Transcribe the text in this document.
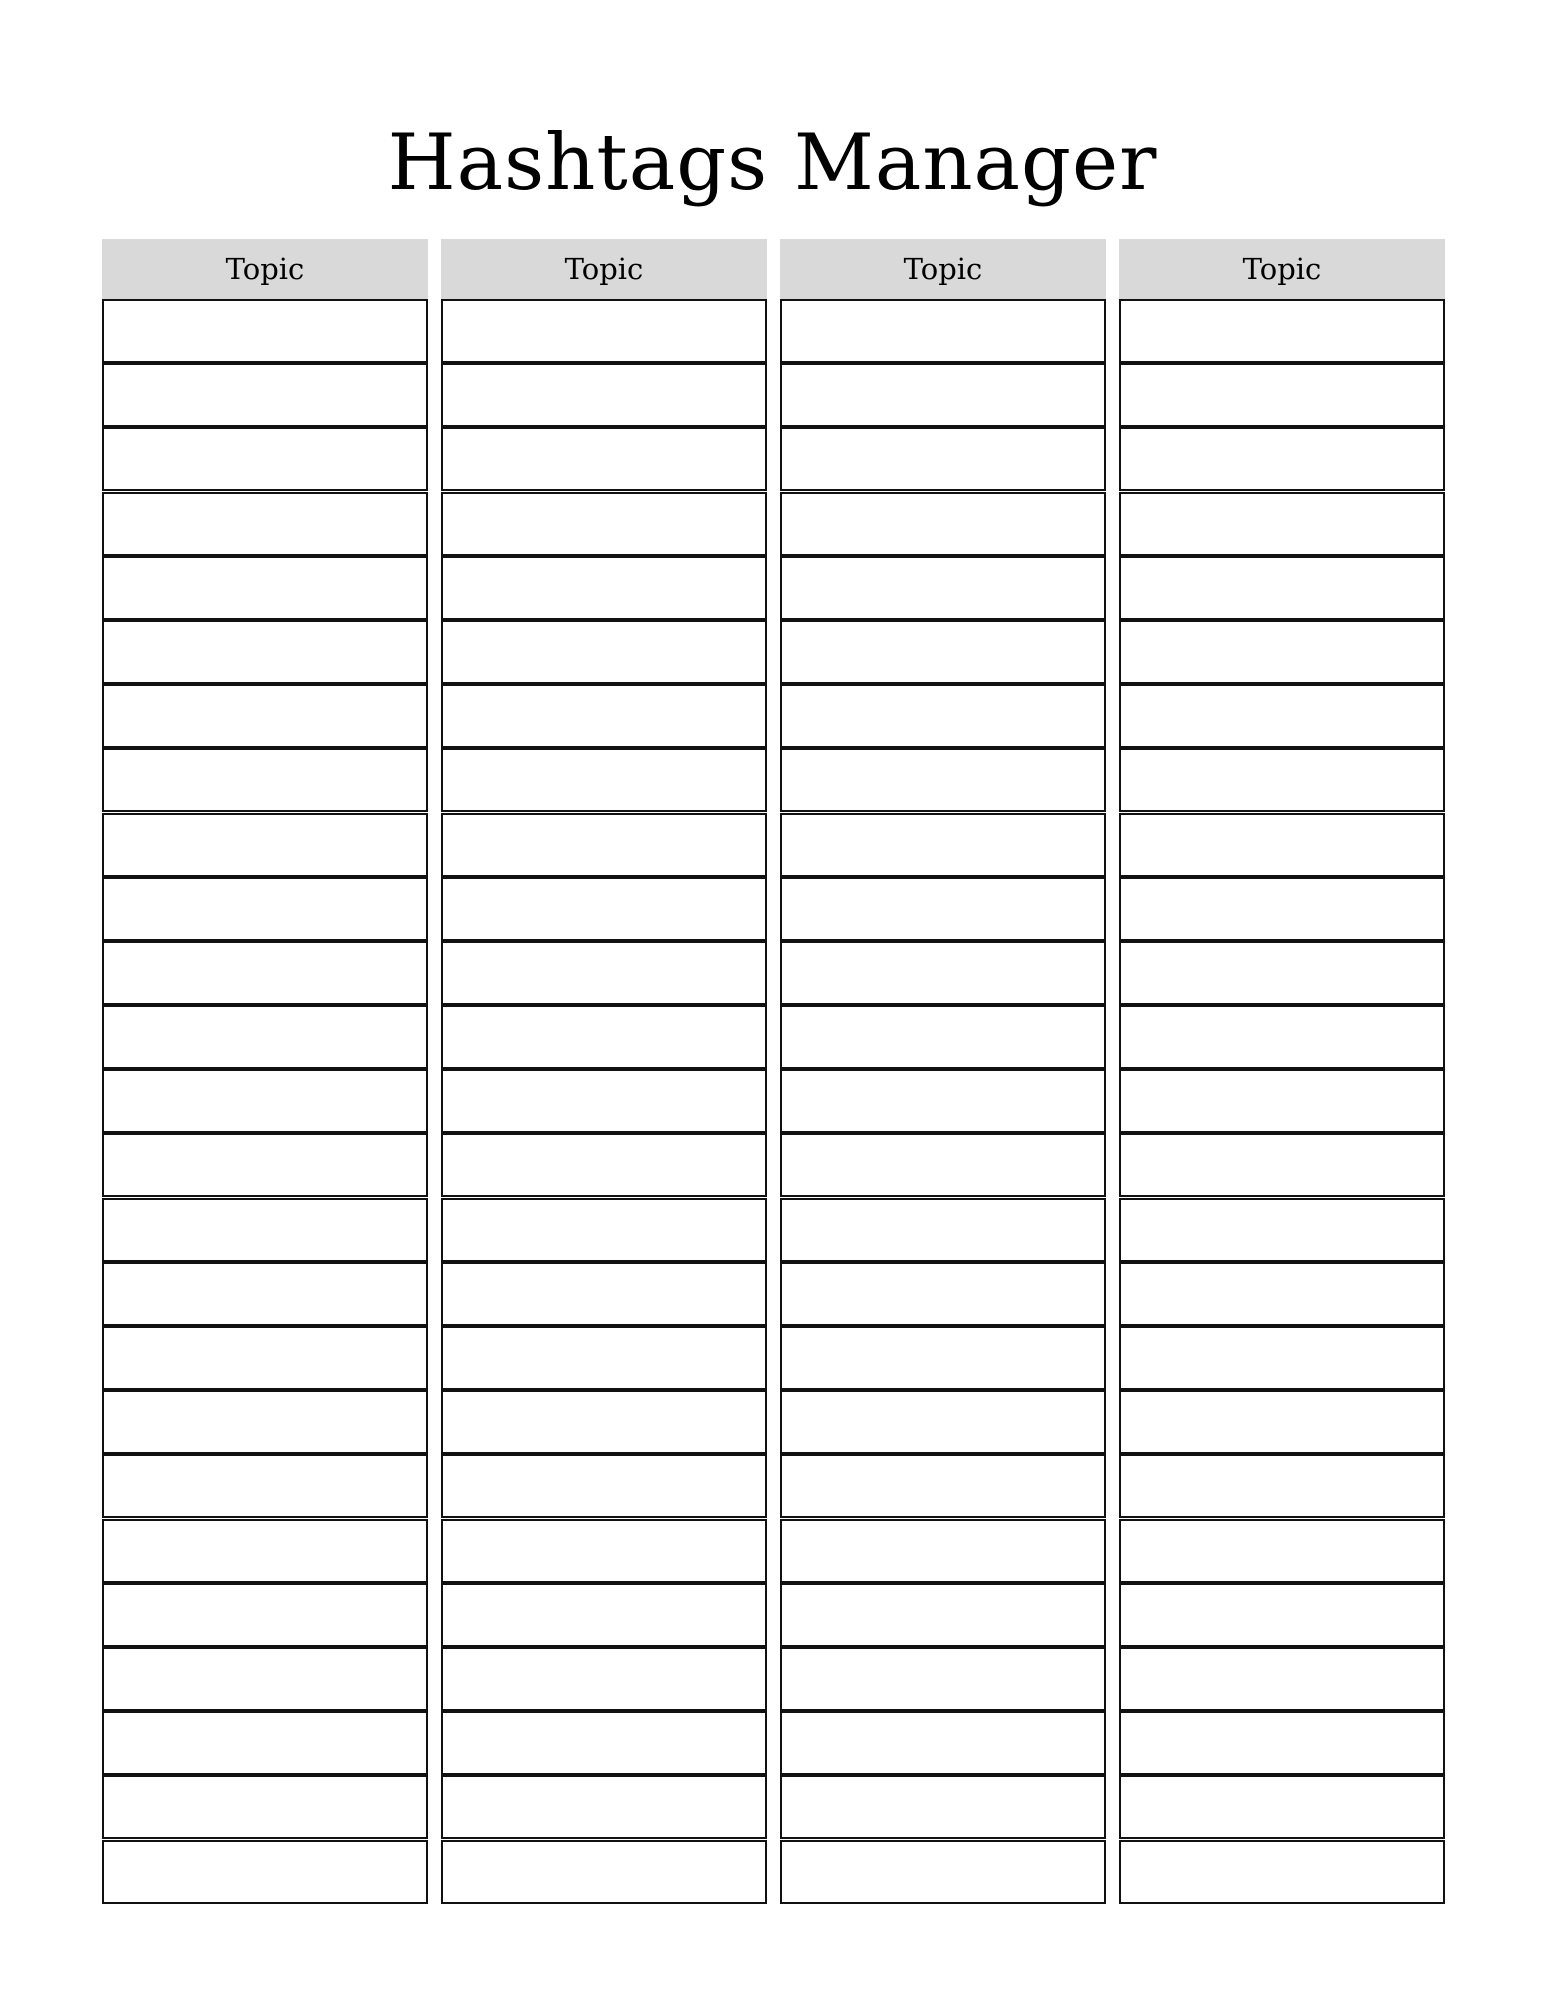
Hashtags Manager
Topic	Topic	Topic	Topic
